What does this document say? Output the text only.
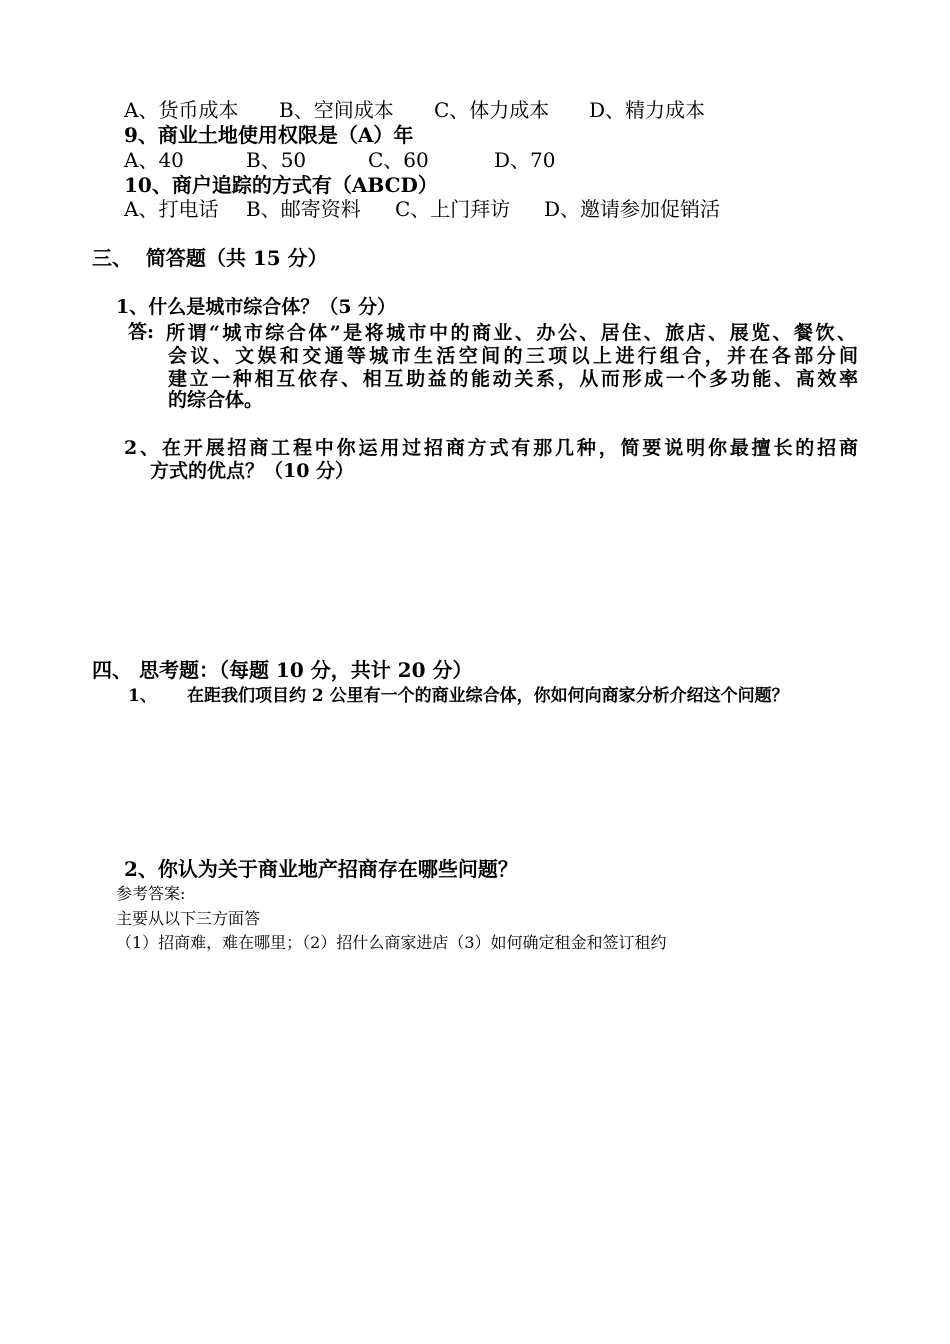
A、货币成本 B、空间成本 C、体力成本 D、精力成本
9、商业土地使用权限是（A）年
A、40	B、50	C、60	D、70
10、商户追踪的方式有（ABCD）
A、打电话 B、邮寄资料 C、上门拜访 D、邀请参加促销活
三、  简答题（共 15 分）
1、什么是城市综合体？（5 分）
答: 所谓“城市综合体”是将城市中的商业、办公、居住、旅店、展览、餐饮、
会议、文娱和交通等城市生活空间的三项以上进行组合，并在各部分间
建立一种相互依存、相互助益的能动关系，从而形成一个多功能、高效率
的综合体。
2、在开展招商工程中你运用过招商方式有那几种，简要说明你最擅长的招商
方式的优点？（10 分）
四、 思考题：（每题 10 分，共计 20 分）
1、 在距我们项目约 2 公里有一个的商业综合体，你如何向商家分析介绍这个问题？
2、你认为关于商业地产招商存在哪些问题？
参考答案:
主要从以下三方面答
（1）招商难，难在哪里；（2）招什么商家进店（3）如何确定租金和签订租约
